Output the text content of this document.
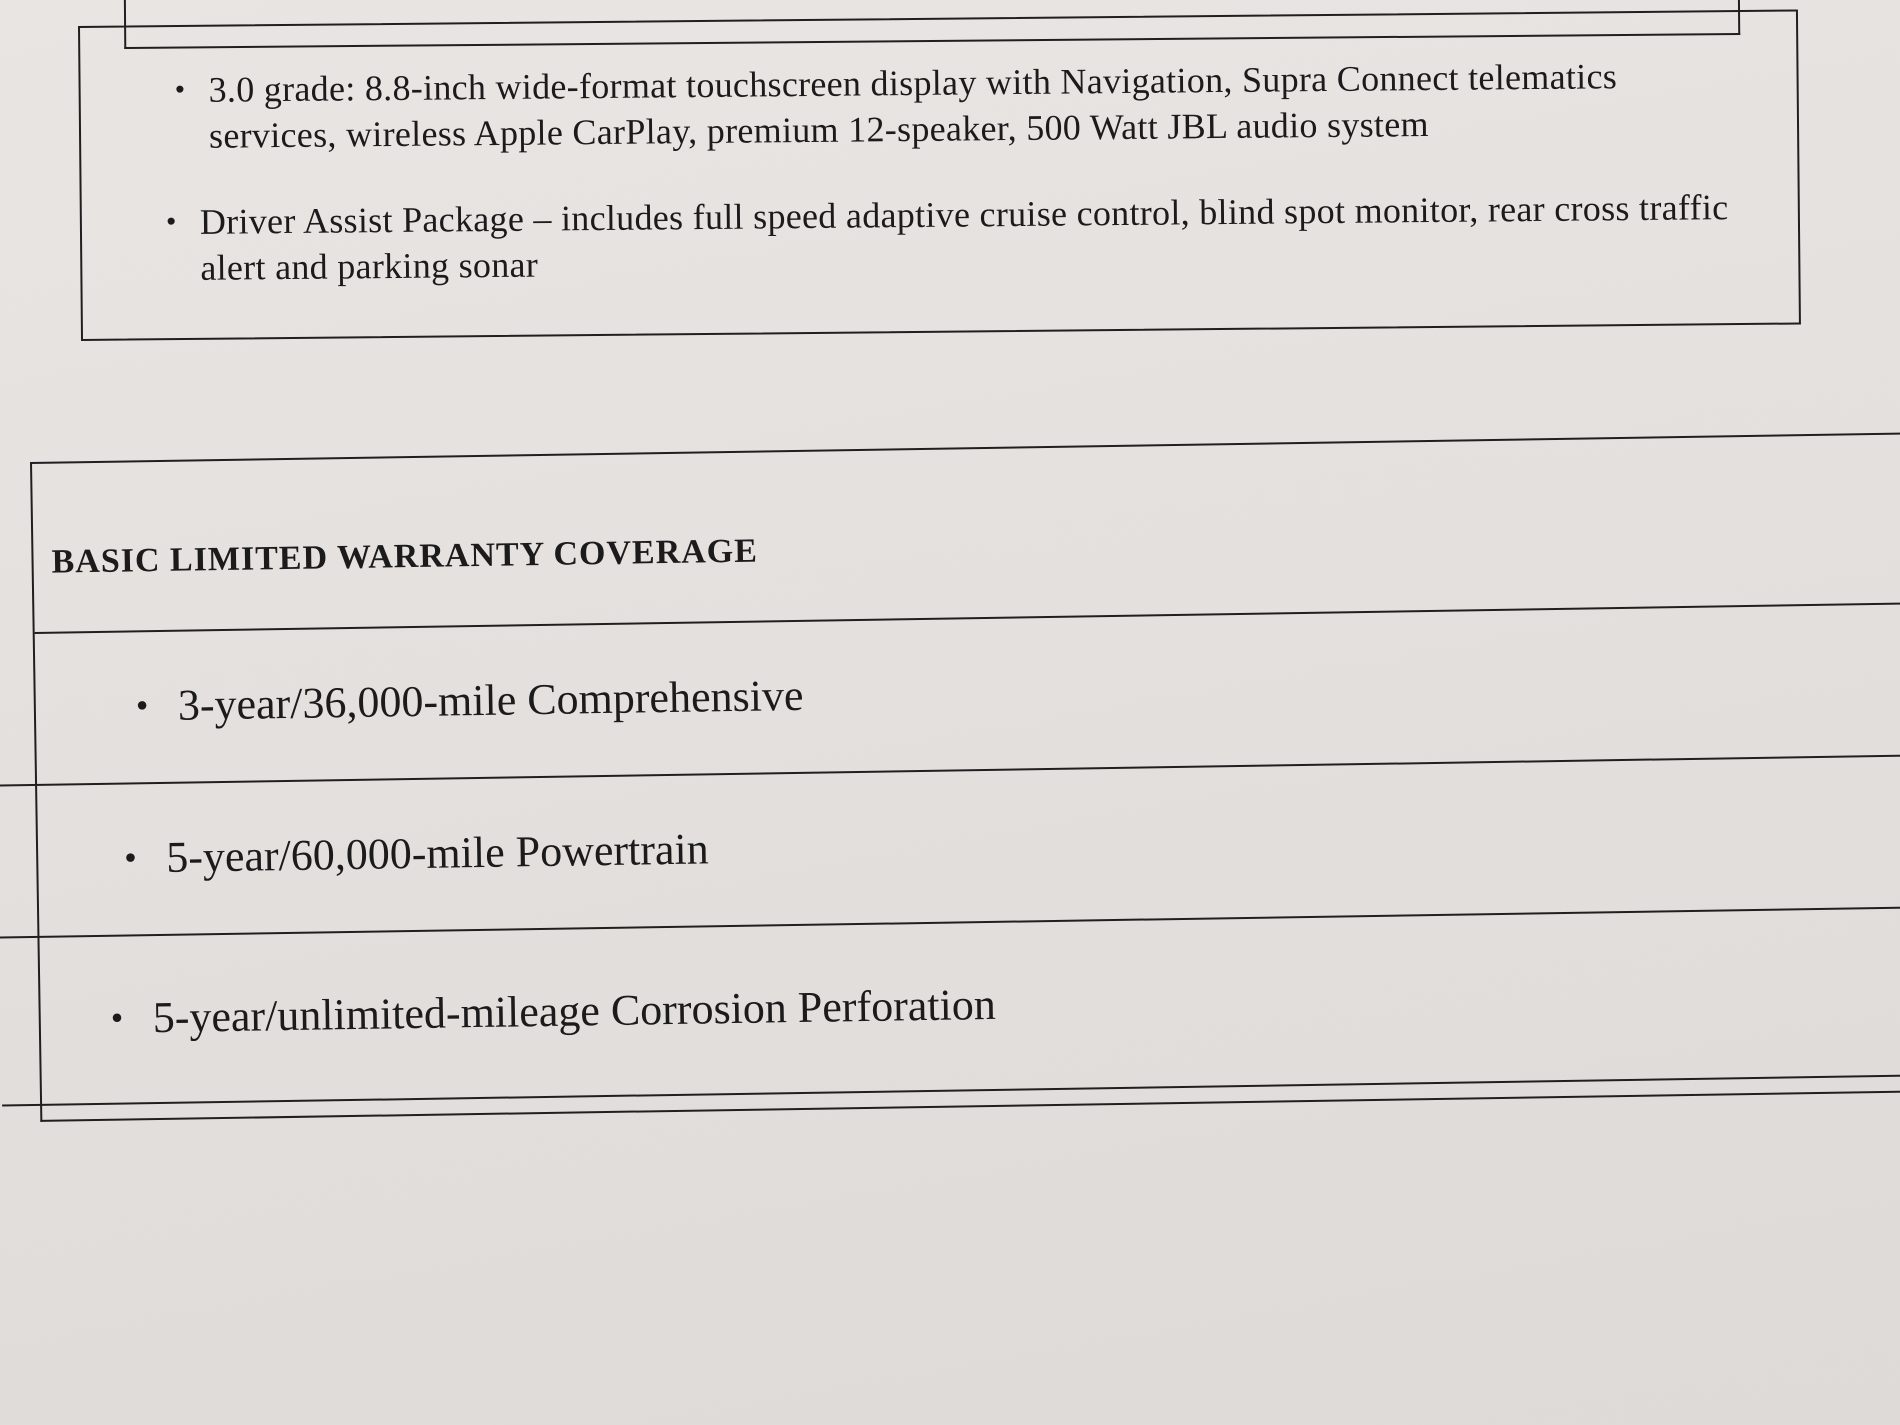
• 3.0 grade: 8.8-inch wide-format touchscreen display with Navigation, Supra Connect telematics services, wireless Apple CarPlay, premium 12-speaker, 500 Watt JBL audio system
• Driver Assist Package – includes full speed adaptive cruise control, blind spot monitor, rear cross traffic alert and parking sonar
BASIC LIMITED WARRANTY COVERAGE
• 3-year/36,000-mile Comprehensive
• 5-year/60,000-mile Powertrain
• 5-year/unlimited-mileage Corrosion Perforation
